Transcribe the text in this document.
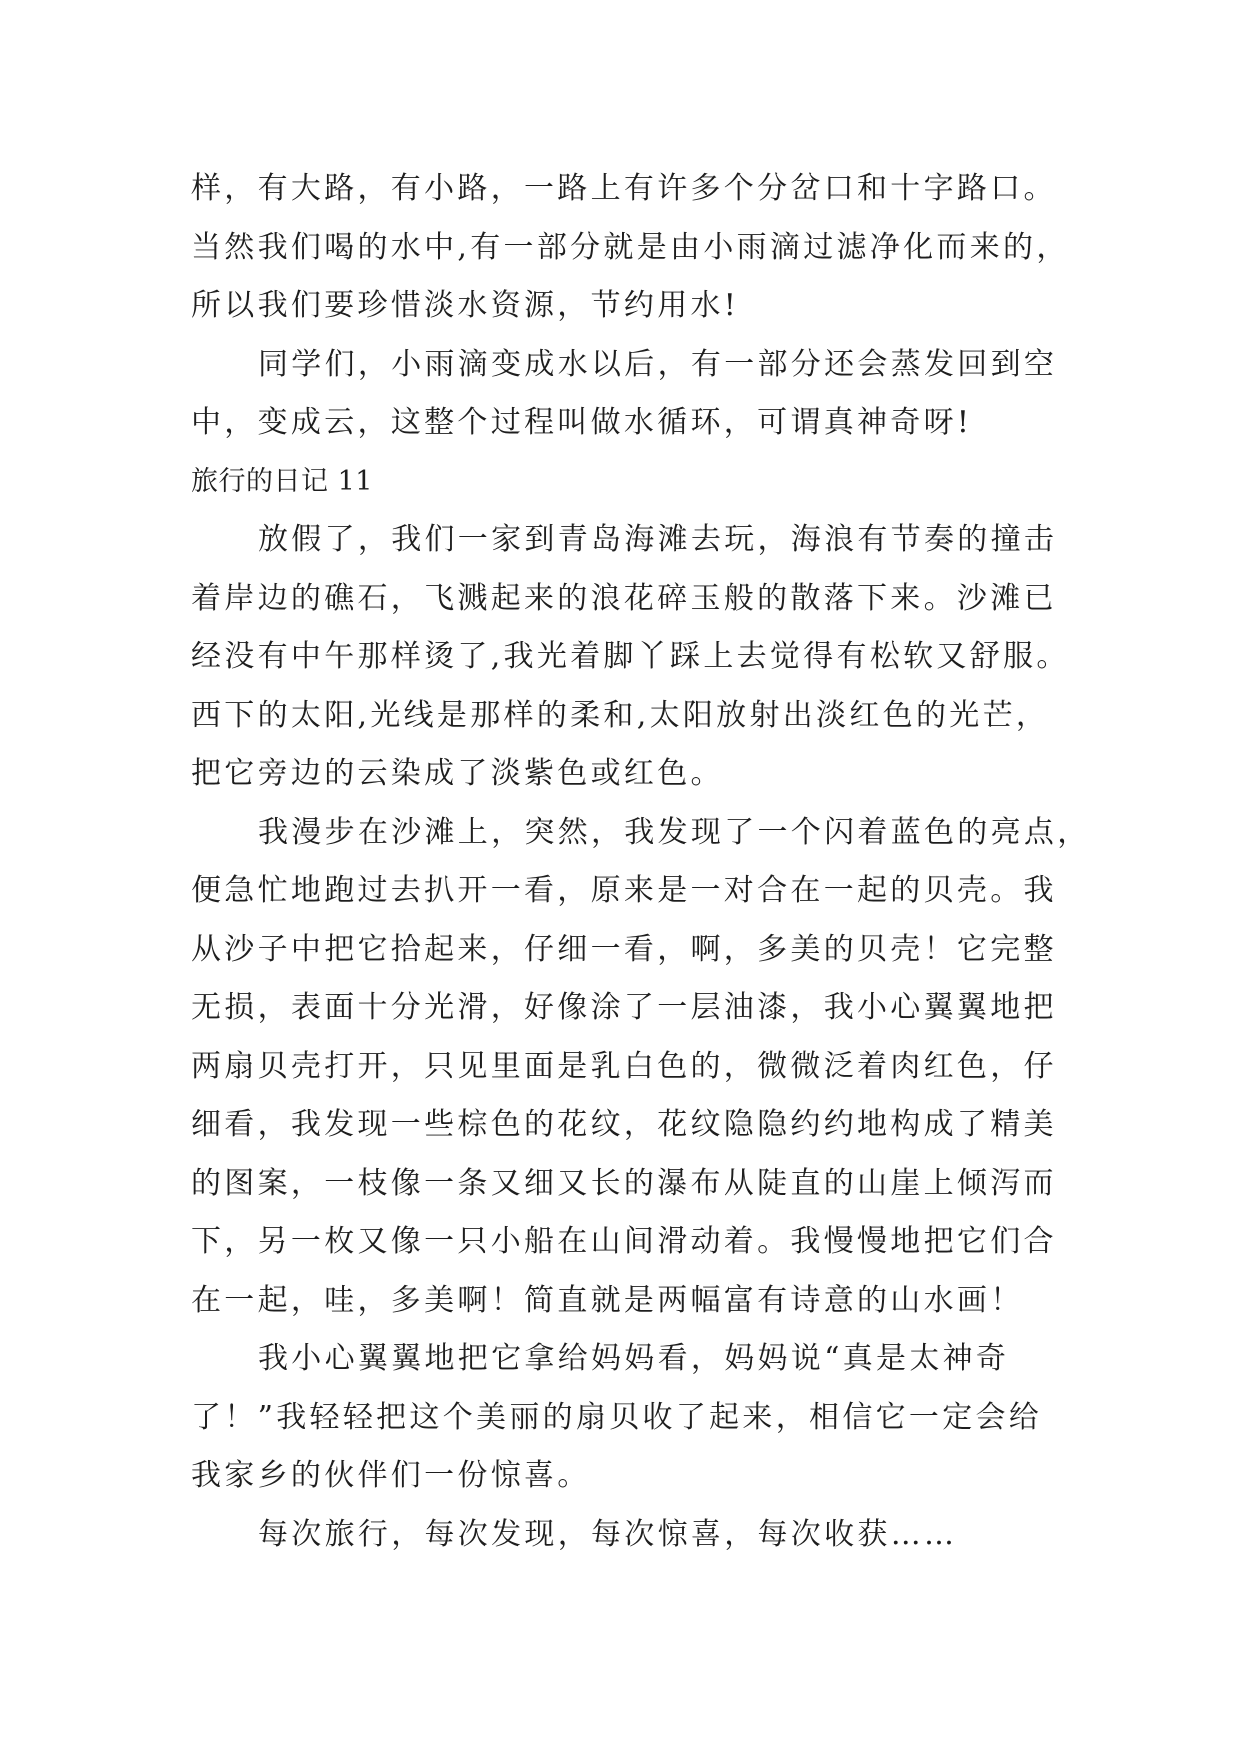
样，有大路，有小路，一路上有许多个分岔口和十字路口。
当然我们喝的水中,有一部分就是由小雨滴过滤净化而来的，
所以我们要珍惜淡水资源，节约用水!
同学们，小雨滴变成水以后，有一部分还会蒸发回到空
中，变成云，这整个过程叫做水循环，可谓真神奇呀!
旅行的日记 11
放假了，我们一家到青岛海滩去玩，海浪有节奏的撞击
着岸边的礁石，飞溅起来的浪花碎玉般的散落下来。沙滩已
经没有中午那样烫了,我光着脚丫踩上去觉得有松软又舒服。
西下的太阳,光线是那样的柔和,太阳放射出淡红色的光芒，
把它旁边的云染成了淡紫色或红色。
我漫步在沙滩上，突然，我发现了一个闪着蓝色的亮点，
便急忙地跑过去扒开一看，原来是一对合在一起的贝壳。我
从沙子中把它拾起来，仔细一看，啊，多美的贝壳！它完整
无损，表面十分光滑，好像涂了一层油漆，我小心翼翼地把
两扇贝壳打开，只见里面是乳白色的，微微泛着肉红色，仔
细看，我发现一些棕色的花纹，花纹隐隐约约地构成了精美
的图案，一枝像一条又细又长的瀑布从陡直的山崖上倾泻而
下，另一枚又像一只小船在山间滑动着。我慢慢地把它们合
在一起，哇，多美啊！简直就是两幅富有诗意的山水画！
我小心翼翼地把它拿给妈妈看，妈妈说“真是太神奇
了！”我轻轻把这个美丽的扇贝收了起来，相信它一定会给
我家乡的伙伴们一份惊喜。
每次旅行，每次发现，每次惊喜，每次收获……
